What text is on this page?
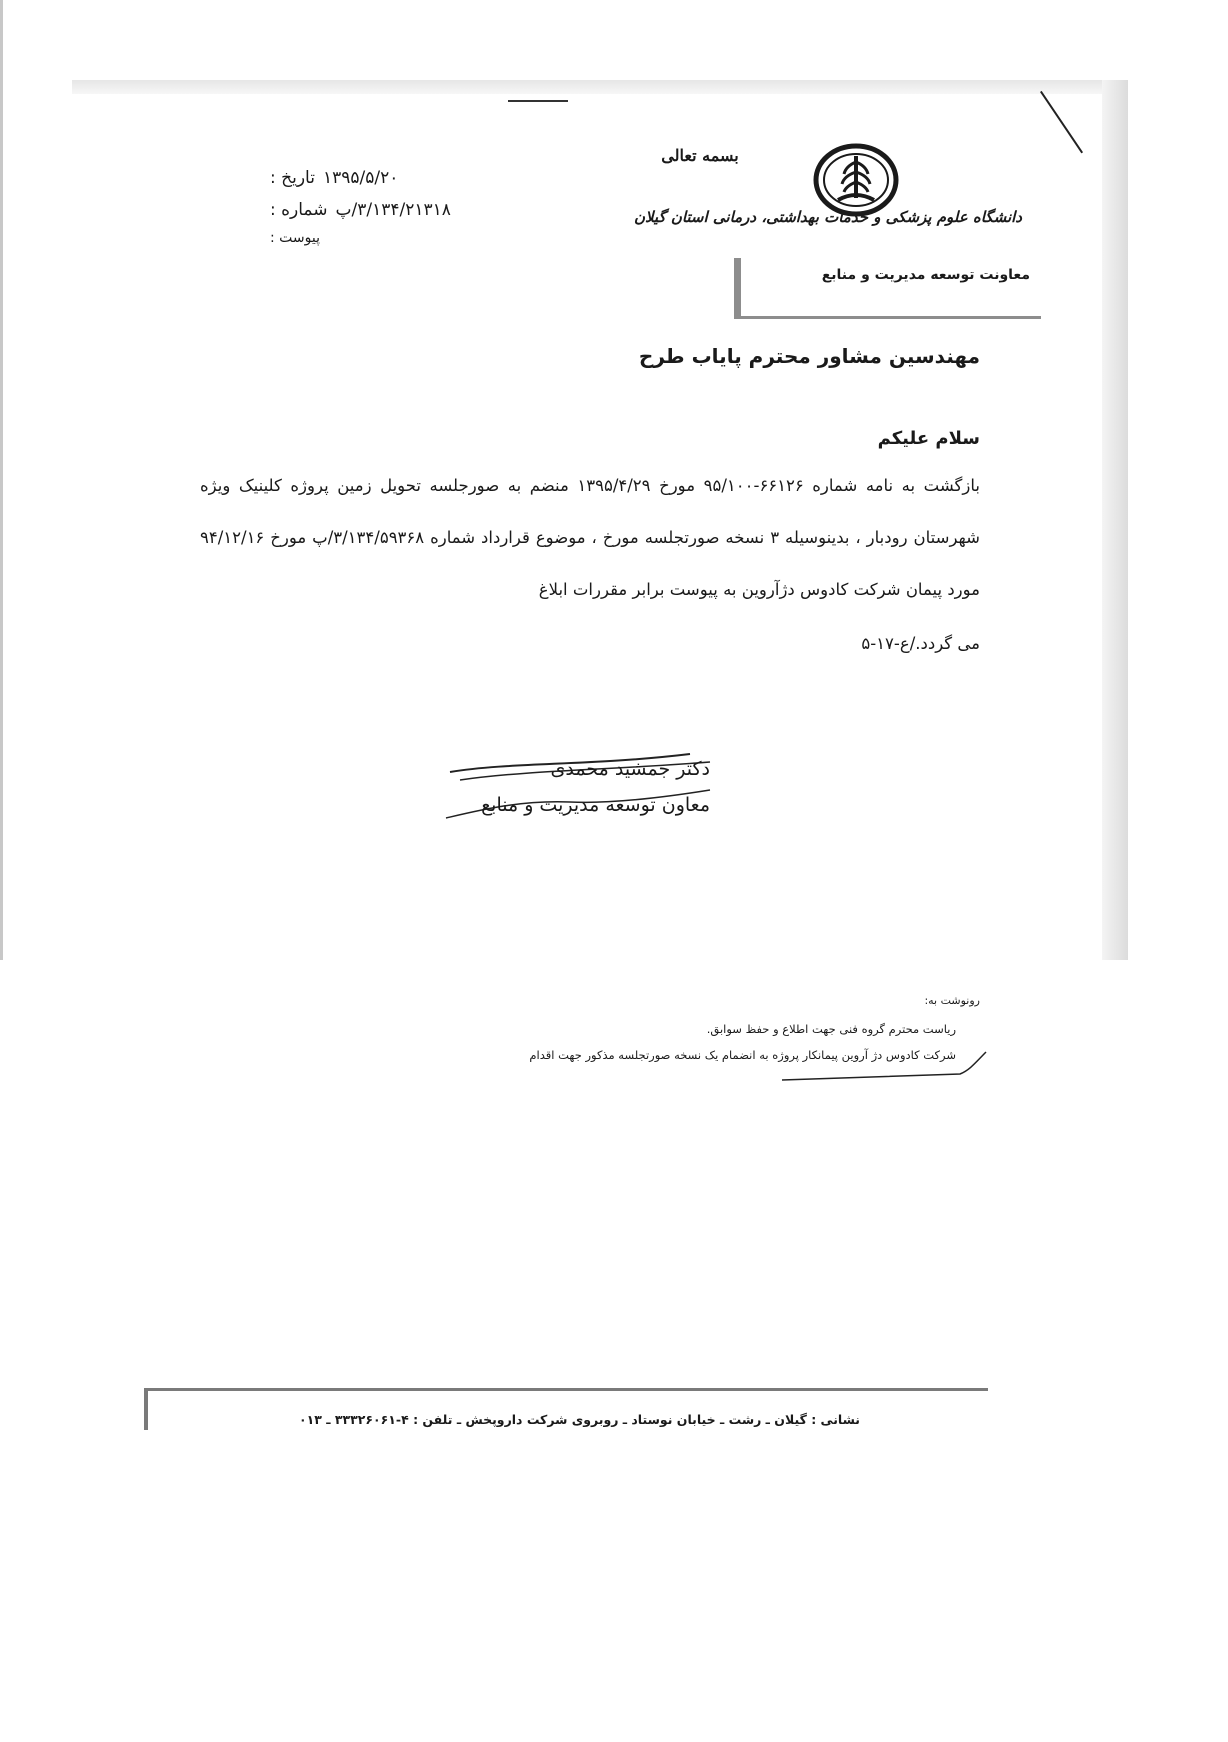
تاریخ : ۱۳۹۵/۵/۲۰
شماره : ۳/۱۳۴/۲۱۳۱۸/پ
پیوست :
بسمه تعالی
دانشگاه علوم پزشکی و خدمات بهداشتی، درمانی استان گیلان
معاونت توسعه مدیریت و منابع
مهندسین مشاور محترم پایاب طرح
سلام علیکم
بازگشت به نامه شماره ۶۶۱۲۶-۹۵/۱۰۰ مورخ ۱۳۹۵/۴/۲۹ منضم به صورجلسه تحویل زمین پروژه کلینیک ویژه شهرستان رودبار ، بدینوسیله ۳ نسخه صورتجلسه مورخ ، موضوع قرارداد شماره ۳/۱۳۴/۵۹۳۶۸/پ مورخ ۹۴/۱۲/۱۶ مورد پیمان شرکت کادوس دژآروین به پیوست برابر مقررات ابلاغ
می گردد./ع-۱۷-۵
دکتر جمشید محمدی
معاون توسعه مدیریت و منابع
رونوشت به:
ریاست محترم گروه فنی جهت اطلاع و حفظ سوابق.
شرکت کادوس دژ آروین پیمانکار پروژه به انضمام یک نسخه صورتجلسه مذکور جهت اقدام
نشانی : گیلان ـ رشت ـ خیابان نوستاد ـ روبروی شرکت داروپخش ـ تلفن : ۴-۳۳۳۲۶۰۶۱ ـ ۰۱۳
